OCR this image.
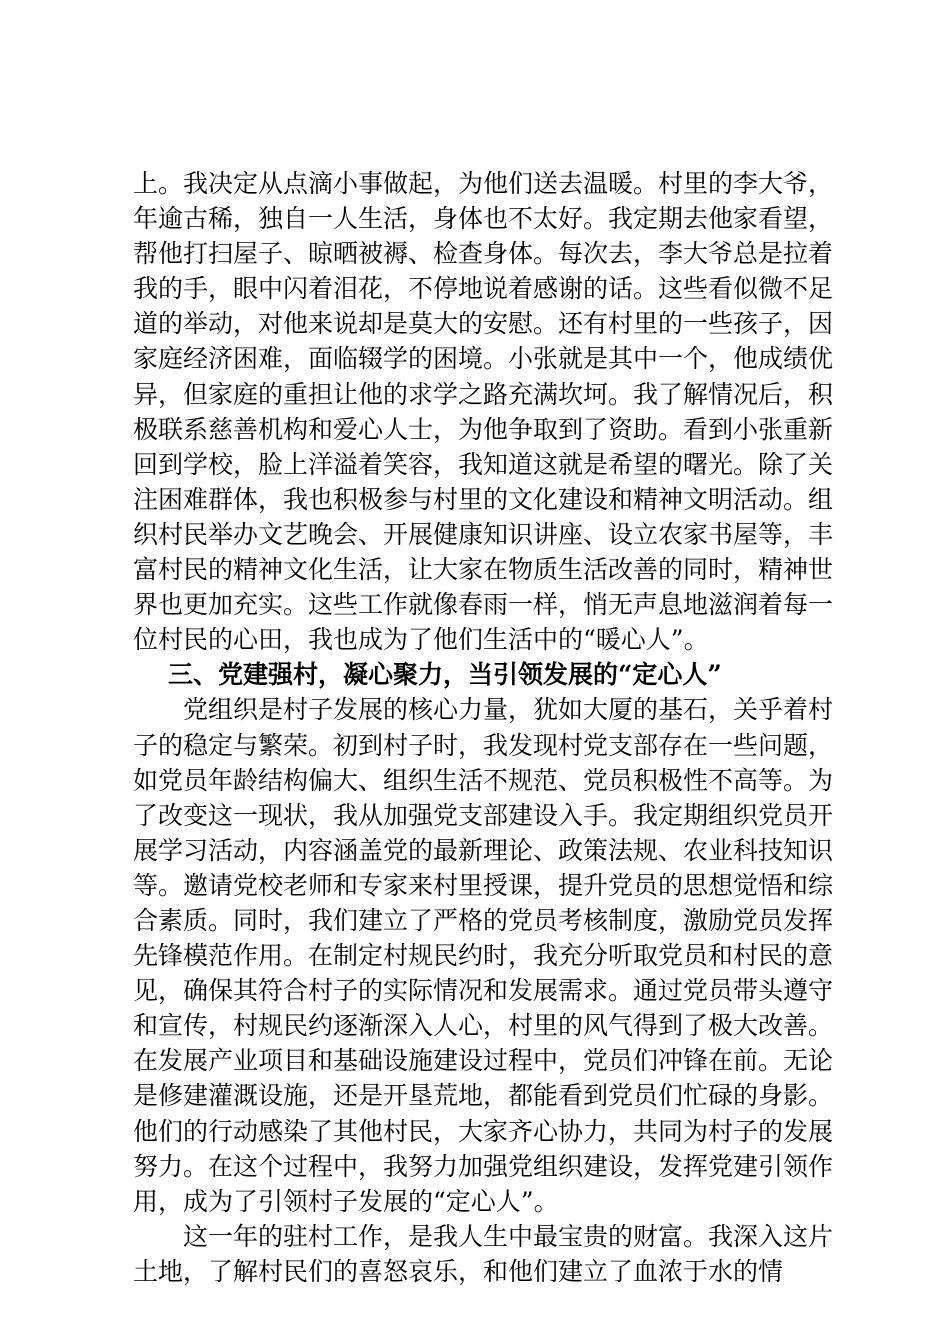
上。我决定从点滴小事做起，为他们送去温暖。村里的李大爷，年逾古稀，独自一人生活，身体也不太好。我定期去他家看望，帮他打扫屋子、晾晒被褥、检查身体。每次去，李大爷总是拉着我的手，眼中闪着泪花，不停地说着感谢的话。这些看似微不足道的举动，对他来说却是莫大的安慰。还有村里的一些孩子，因家庭经济困难，面临辍学的困境。小张就是其中一个，他成绩优异，但家庭的重担让他的求学之路充满坎坷。我了解情况后，积极联系慈善机构和爱心人士，为他争取到了资助。看到小张重新回到学校，脸上洋溢着笑容，我知道这就是希望的曙光。除了关注困难群体，我也积极参与村里的文化建设和精神文明活动。组织村民举办文艺晚会、开展健康知识讲座、设立农家书屋等，丰富村民的精神文化生活，让大家在物质生活改善的同时，精神世界也更加充实。这些工作就像春雨一样，悄无声息地滋润着每一位村民的心田，我也成为了他们生活中的“暖心人”。

三、党建强村，凝心聚力，当引领发展的“定心人”

党组织是村子发展的核心力量，犹如大厦的基石，关乎着村子的稳定与繁荣。初到村子时，我发现村党支部存在一些问题，如党员年龄结构偏大、组织生活不规范、党员积极性不高等。为了改变这一现状，我从加强党支部建设入手。我定期组织党员开展学习活动，内容涵盖党的最新理论、政策法规、农业科技知识等。邀请党校老师和专家来村里授课，提升党员的思想觉悟和综合素质。同时，我们建立了严格的党员考核制度，激励党员发挥先锋模范作用。在制定村规民约时，我充分听取党员和村民的意见，确保其符合村子的实际情况和发展需求。通过党员带头遵守和宣传，村规民约逐渐深入人心，村里的风气得到了极大改善。在发展产业项目和基础设施建设过程中，党员们冲锋在前。无论是修建灌溉设施，还是开垦荒地，都能看到党员们忙碌的身影。他们的行动感染了其他村民，大家齐心协力，共同为村子的发展努力。在这个过程中，我努力加强党组织建设，发挥党建引领作用，成为了引领村子发展的“定心人”。

这一年的驻村工作，是我人生中最宝贵的财富。我深入这片土地，了解村民们的喜怒哀乐，和他们建立了血浓于水的情
